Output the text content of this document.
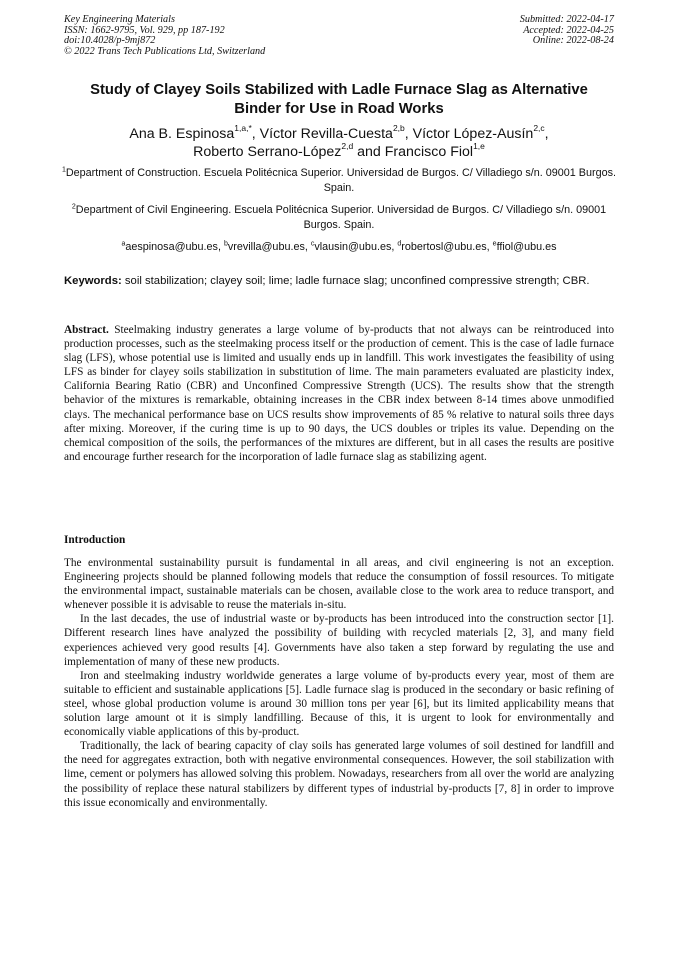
Key Engineering Materials
ISSN: 1662-9795, Vol. 929, pp 187-192
doi:10.4028/p-9mj872
© 2022 Trans Tech Publications Ltd, Switzerland
Submitted: 2022-04-17
Accepted: 2022-04-25
Online: 2022-08-24
Study of Clayey Soils Stabilized with Ladle Furnace Slag as Alternative
Binder for Use in Road Works
Ana B. Espinosa$^{1,a,*}$, Víctor Revilla-Cuesta$^{2,b}$, Víctor López-Ausín$^{2,c}$,
Roberto Serrano-López$^{2,d}$ and Francisco Fiol$^{1,e}$
$^1$Department of Construction. Escuela Politécnica Superior. Universidad de Burgos. C/ Villadiego s/n. 09001 Burgos. Spain.
$^2$Department of Civil Engineering. Escuela Politécnica Superior. Universidad de Burgos. C/ Villadiego s/n. 09001 Burgos. Spain.
$^a$aespinosa@ubu.es, $^b$vrevilla@ubu.es, $^c$vlausin@ubu.es, $^d$robertosl@ubu.es, $^e$ffiol@ubu.es
Keywords: soil stabilization; clayey soil; lime; ladle furnace slag; unconfined compressive strength; CBR.
Abstract. Steelmaking industry generates a large volume of by-products that not always can be reintroduced into production processes, such as the steelmaking process itself or the production of cement. This is the case of ladle furnace slag (LFS), whose potential use is limited and usually ends up in landfill. This work investigates the feasibility of using LFS as binder for clayey soils stabilization in substitution of lime. The main parameters evaluated are plasticity index, California Bearing Ratio (CBR) and Unconfined Compressive Strength (UCS). The results show that the strength behavior of the mixtures is remarkable, obtaining increases in the CBR index between 8-14 times above unmodified clays. The mechanical performance base on UCS results show improvements of 85 % relative to natural soils three days after mixing. Moreover, if the curing time is up to 90 days, the UCS doubles or triples its value. Depending on the chemical composition of the soils, the performances of the mixtures are different, but in all cases the results are positive and encourage further research for the incorporation of ladle furnace slag as stabilizing agent.
Introduction

The environmental sustainability pursuit is fundamental in all areas, and civil engineering is not an exception. Engineering projects should be planned following models that reduce the consumption of fossil resources. To mitigate the environmental impact, sustainable materials can be chosen, available close to the work area to reduce transport, and whenever possible it is advisable to reuse the materials in-situ.

In the last decades, the use of industrial waste or by-products has been introduced into the construction sector [1]. Different research lines have analyzed the possibility of building with recycled materials [2, 3], and many field experiences achieved very good results [4]. Governments have also taken a step forward by regulating the use and implementation of many of these new products.

Iron and steelmaking industry worldwide generates a large volume of by-products every year, most of them are suitable to efficient and sustainable applications [5]. Ladle furnace slag is produced in the secondary or basic refining of steel, whose global production volume is around 30 million tons per year [6], but its limited applicability means that solution large amount ot it is simply landfilling. Because of this, it is urgent to look for environmentally and economically viable applications of this by-product.

Traditionally, the lack of bearing capacity of clay soils has generated large volumes of soil destined for landfill and the need for aggregates extraction, both with negative environmental consequences. However, the soil stabilization with lime, cement or polymers has allowed solving this problem. Nowadays, researchers from all over the world are analyzing the possibility of replace these natural stabilizers by different types of industrial by-products [7, 8] in order to improve this issue economically and environmentally.
